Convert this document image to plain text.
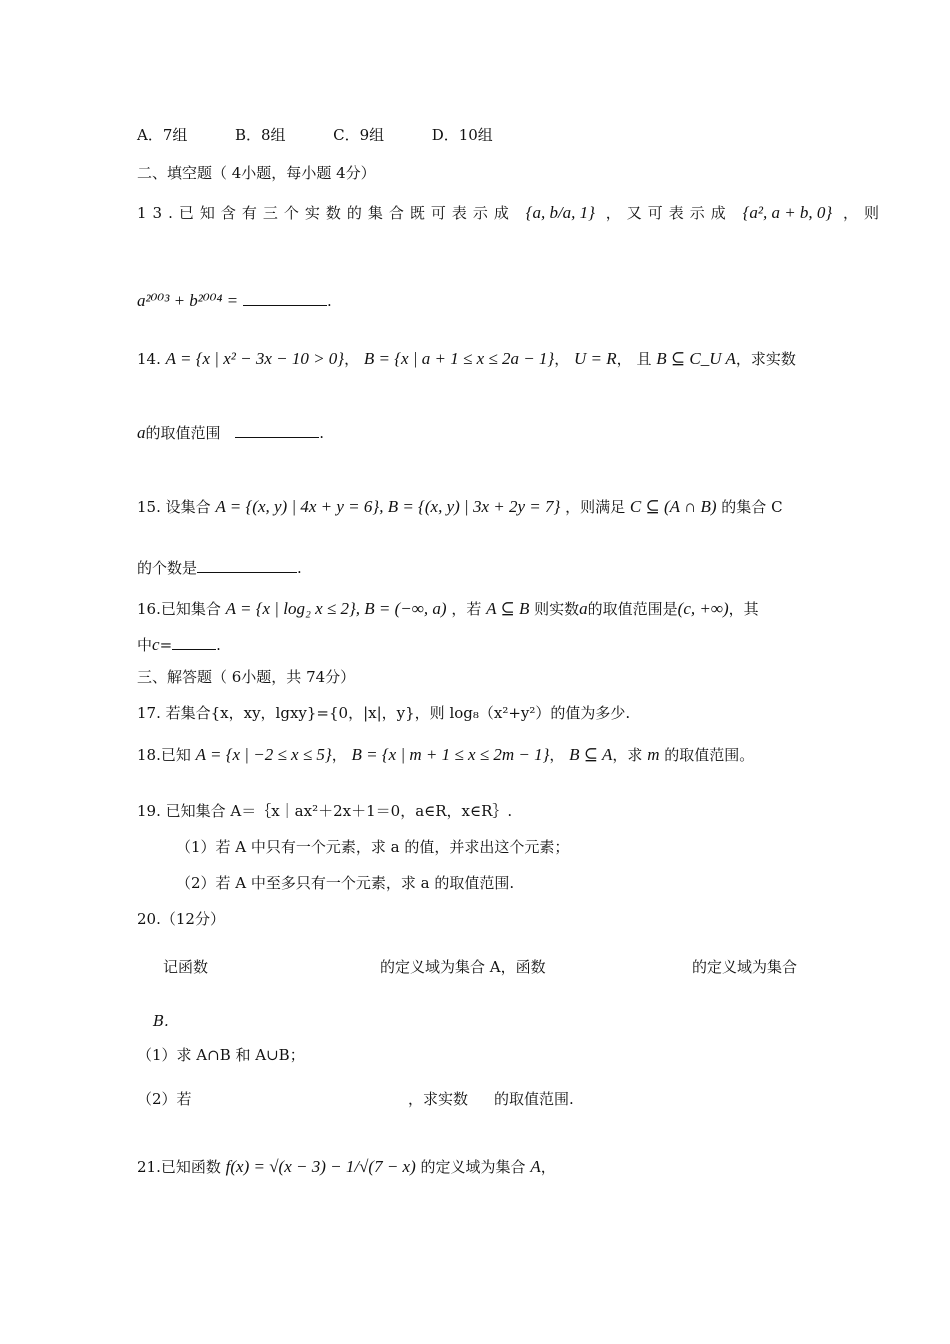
A．7组	B．8组	C．9组	D．10组
二、填空题（ 4小题，每小题 4分）
13.已知含有三个实数的集合既可表示成 {a, b/a, 1} ，又可表示成 {a², a + b, 0} ，则
a²⁰⁰³ + b²⁰⁰⁴ =	.
14. A = {x | x² − 3x − 10 > 0}， B = {x | a + 1 ≤ x ≤ 2a − 1}， U = R， 且 B ⊆ C_U A，求实数
a的取值范围	.
15. 设集合 A = {(x, y) | 4x + y = 6}, B = {(x, y) | 3x + 2y = 7} ，则满足 C ⊆ (A ∩ B) 的集合 C
的个数是	.
16.已知集合 A = {x | log₂ x ≤ 2}, B = (−∞, a) ，若 A ⊆ B 则实数a的取值范围是(c, +∞)，其
中c=	.
三、解答题（ 6小题，共 74分）
17. 若集合{x，xy，lgxy}={0，|x|，y}，则 log₈（x²+y²）的值为多少.
18.已知 A = {x | −2 ≤ x ≤ 5}， B = {x | m + 1 ≤ x ≤ 2m − 1}， B ⊆ A，求 m 的取值范围。
19. 已知集合 A＝｛x｜ax²＋2x＋1＝0，a∈R，x∈R｝.
（1）若 A 中只有一个元素，求 a 的值，并求出这个元素；
（2）若 A 中至多只有一个元素，求 a 的取值范围.
20.（12分）
记函数	的定义域为集合 A，函数	的定义域为集合
B.
（1）求 A∩B 和 A∪B；
（2）若	，求实数 的取值范围.
21.已知函数 f(x) = √(x − 3) − 1/√(7 − x) 的定义域为集合 A，
